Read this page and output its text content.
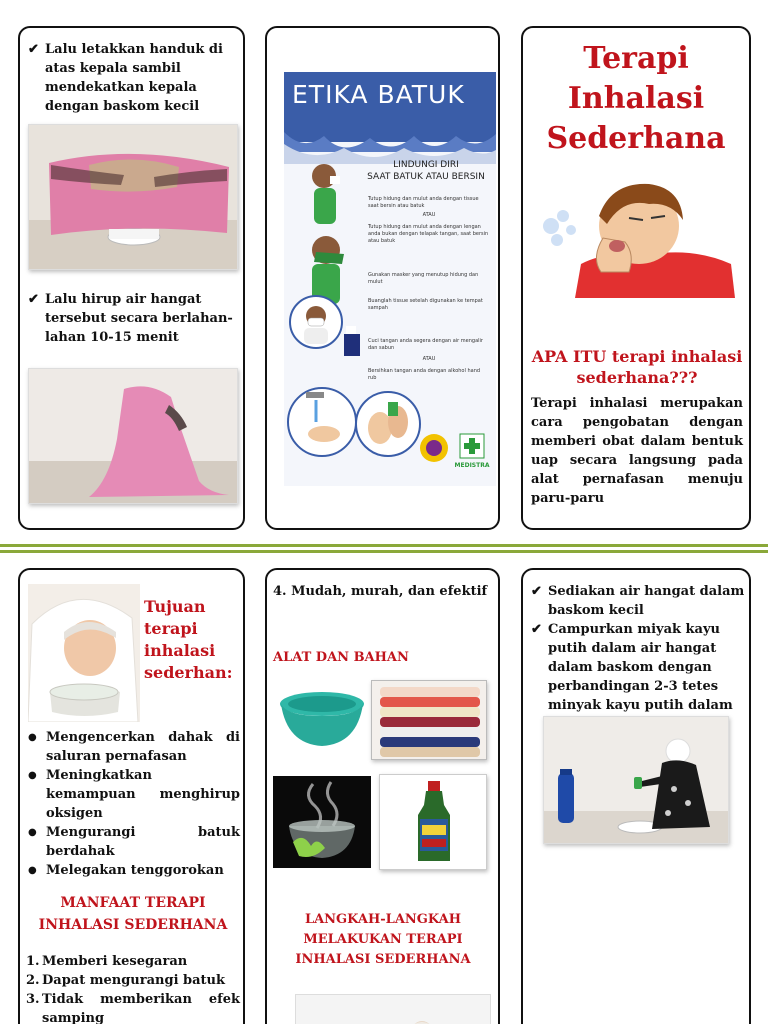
✔ Lalu letakkan handuk di atas kepala sambil mendekatkan kepala dengan baskom kecil
✔ Lalu hirup air hangat tersebut secara berlahan-lahan 10-15 menit
ETIKA BATUK
LINDUNGI DIRI
SAAT BATUK ATAU BERSIN
Tutup hidung dan mulut anda dengan tissue saat bersin atau batuk
ATAU
Tutup hidung dan mulut anda dengan lengan anda bukan dengan telapak tangan, saat bersin atau batuk
Gunakan masker yang menutup hidung dan mulut
Buanglah tissue setelah digunakan ke tempat sampah
Cuci tangan anda segera dengan air mengalir dan sabun
ATAU
Bersihkan tangan anda dengan alkohol hand rub
MEDISTRA
Terapi
Inhalasi
Sederhana
APA ITU terapi inhalasi sederhana???
Terapi inhalasi merupakan cara pengobatan dengan memberi obat dalam bentuk uap secara langsung pada alat pernafasan menuju paru-paru
Tujuan terapi inhalasi sederhan:
● Mengencerkan dahak di saluran pernafasan
● Meningkatkan kemampuan menghirup oksigen
● Mengurangi batuk berdahak
● Melegakan tenggorokan
MANFAAT TERAPI INHALASI SEDERHANA
1. Memberi kesegaran
2. Dapat mengurangi batuk
3. Tidak memberikan efek samping
4. Mudah, murah, dan efektif
ALAT DAN BAHAN
LANGKAH-LANGKAH MELAKUKAN TERAPI INHALASI SEDERHANA
✔ Sediakan air hangat dalam baskom kecil
✔ Campurkan miyak kayu putih dalam air hangat dalam baskom dengan perbandingan 2-3 tetes minyak kayu putih dalam
